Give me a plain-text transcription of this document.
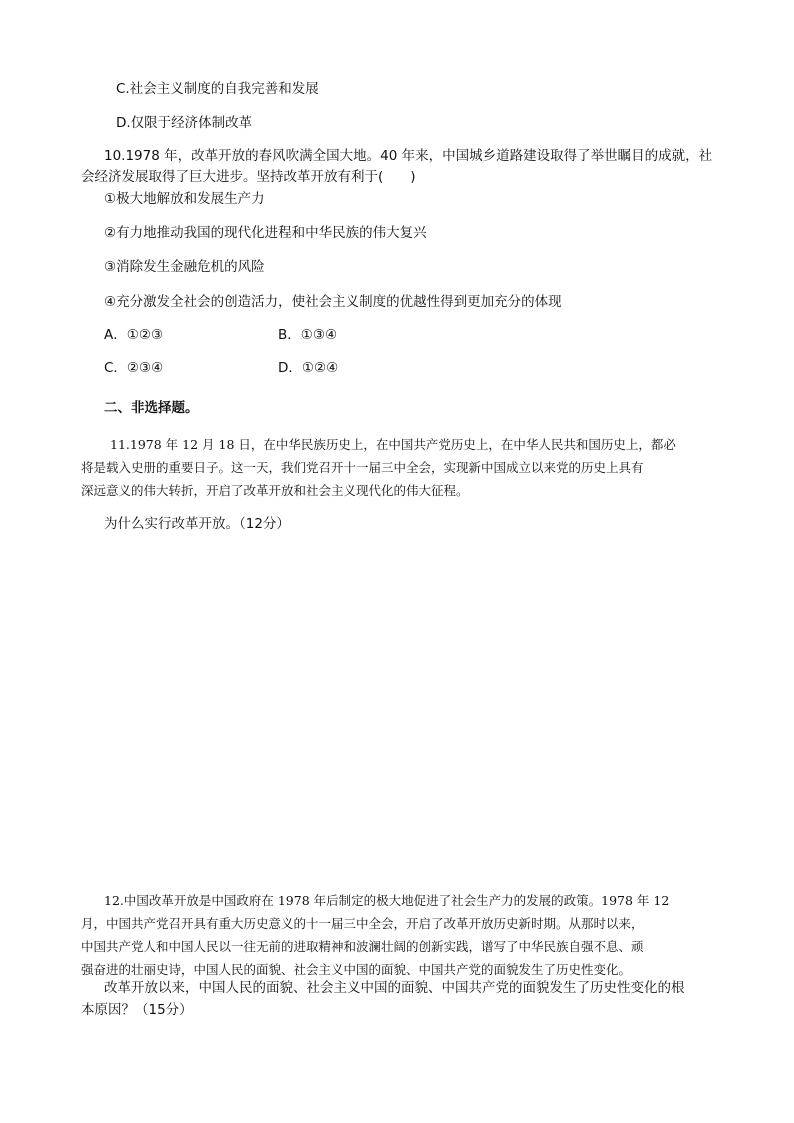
C.社会主义制度的自我完善和发展
D.仅限于经济体制改革
10.1978 年，改革开放的春风吹满全国大地。40 年来，中国城乡道路建设取得了举世瞩目的成就，社
会经济发展取得了巨大进步。坚持改革开放有利于(　　)
①极大地解放和发展生产力
②有力地推动我国的现代化进程和中华民族的伟大复兴
③消除发生金融危机的风险
④充分激发全社会的创造活力，使社会主义制度的优越性得到更加充分的体现
A．①②③	B．①③④
C．②③④	D．①②④
二、非选择题。
11.1978 年 12 月 18 日，在中华民族历史上，在中国共产党历史上，在中华人民共和国历史上，都必
将是载入史册的重要日子。这一天，我们党召开十一届三中全会，实现新中国成立以来党的历史上具有
深远意义的伟大转折，开启了改革开放和社会主义现代化的伟大征程。
为什么实行改革开放。（12分）
12.中国改革开放是中国政府在 1978 年后制定的极大地促进了社会生产力的发展的政策。1978 年 12
月，中国共产党召开具有重大历史意义的十一届三中全会，开启了改革开放历史新时期。从那时以来，
中国共产党人和中国人民以一往无前的进取精神和波澜壮阔的创新实践，谱写了中华民族自强不息、顽
强奋进的壮丽史诗，中国人民的面貌、社会主义中国的面貌、中国共产党的面貌发生了历史性变化。
改革开放以来，中国人民的面貌、社会主义中国的面貌、中国共产党的面貌发生了历史性变化的根
本原因？（15分）
